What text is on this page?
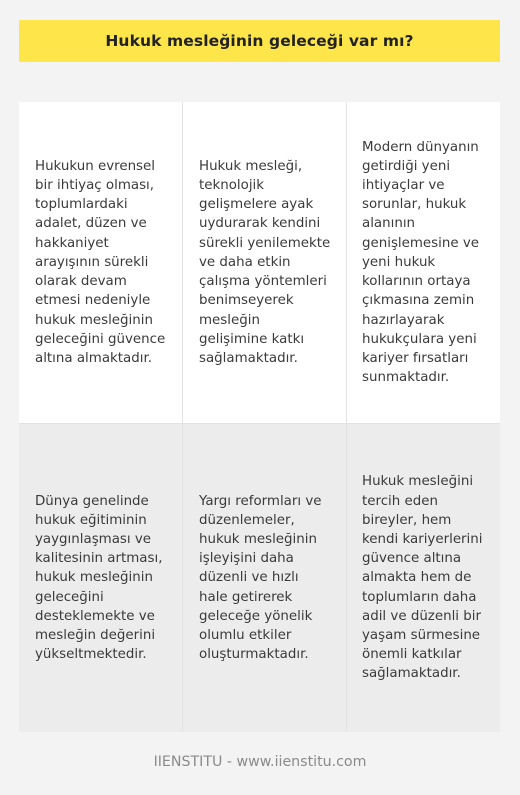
Hukuk mesleğinin geleceği var mı?
Hukukun evrensel bir ihtiyaç olması, toplumlardaki adalet, düzen ve hakkaniyet arayışının sürekli olarak devam etmesi nedeniyle hukuk mesleğinin geleceğini güvence altına almaktadır.
Hukuk mesleği, teknolojik gelişmelere ayak uydurarak kendini sürekli yenilemekte ve daha etkin çalışma yöntemleri benimseyerek mesleğin gelişimine katkı sağlamaktadır.
Modern dünyanın getirdiği yeni ihtiyaçlar ve sorunlar, hukuk alanının genişlemesine ve yeni hukuk kollarının ortaya çıkmasına zemin hazırlayarak hukukçulara yeni kariyer fırsatları sunmaktadır.
Dünya genelinde hukuk eğitiminin yaygınlaşması ve kalitesinin artması, hukuk mesleğinin geleceğini desteklemekte ve mesleğin değerini yükseltmektedir.
Yargı reformları ve düzenlemeler, hukuk mesleğinin işleyişini daha düzenli ve hızlı hale getirerek geleceğe yönelik olumlu etkiler oluşturmaktadır.
Hukuk mesleğini tercih eden bireyler, hem kendi kariyerlerini güvence altına almakta hem de toplumların daha adil ve düzenli bir yaşam sürmesine önemli katkılar sağlamaktadır.
IIENSTITU - www.iienstitu.com
